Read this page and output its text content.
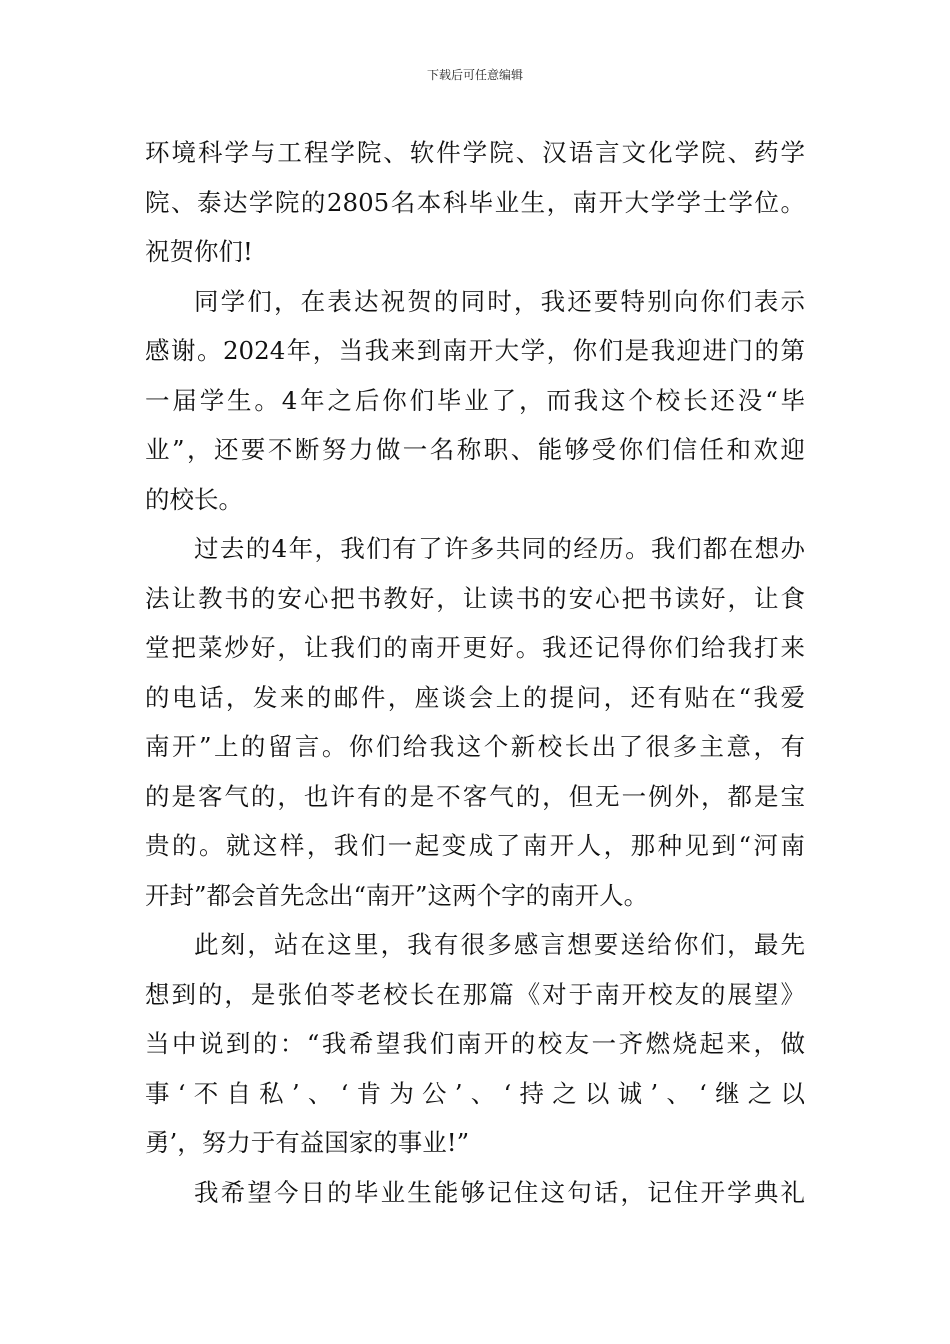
下载后可任意编辑
环境科学与工程学院、软件学院、汉语言文化学院、药学
院、泰达学院的2805名本科毕业生，南开大学学士学位。
祝贺你们!
同学们，在表达祝贺的同时，我还要特别向你们表示
感谢。2024年，当我来到南开大学，你们是我迎进门的第
一届学生。4年之后你们毕业了，而我这个校长还没“毕
业”，还要不断努力做一名称职、能够受你们信任和欢迎
的校长。
过去的4年，我们有了许多共同的经历。我们都在想办
法让教书的安心把书教好，让读书的安心把书读好，让食
堂把菜炒好，让我们的南开更好。我还记得你们给我打来
的电话，发来的邮件，座谈会上的提问，还有贴在“我爱
南开”上的留言。你们给我这个新校长出了很多主意，有
的是客气的，也许有的是不客气的，但无一例外，都是宝
贵的。就这样，我们一起变成了南开人，那种见到“河南
开封”都会首先念出“南开”这两个字的南开人。
此刻，站在这里，我有很多感言想要送给你们，最先
想到的，是张伯苓老校长在那篇《对于南开校友的展望》
当中说到的：“我希望我们南开的校友一齐燃烧起来，做
事‘不自私’、‘肯为公’、‘持之以诚’、‘继之以
勇’，努力于有益国家的事业!”
我希望今日的毕业生能够记住这句话，记住开学典礼
